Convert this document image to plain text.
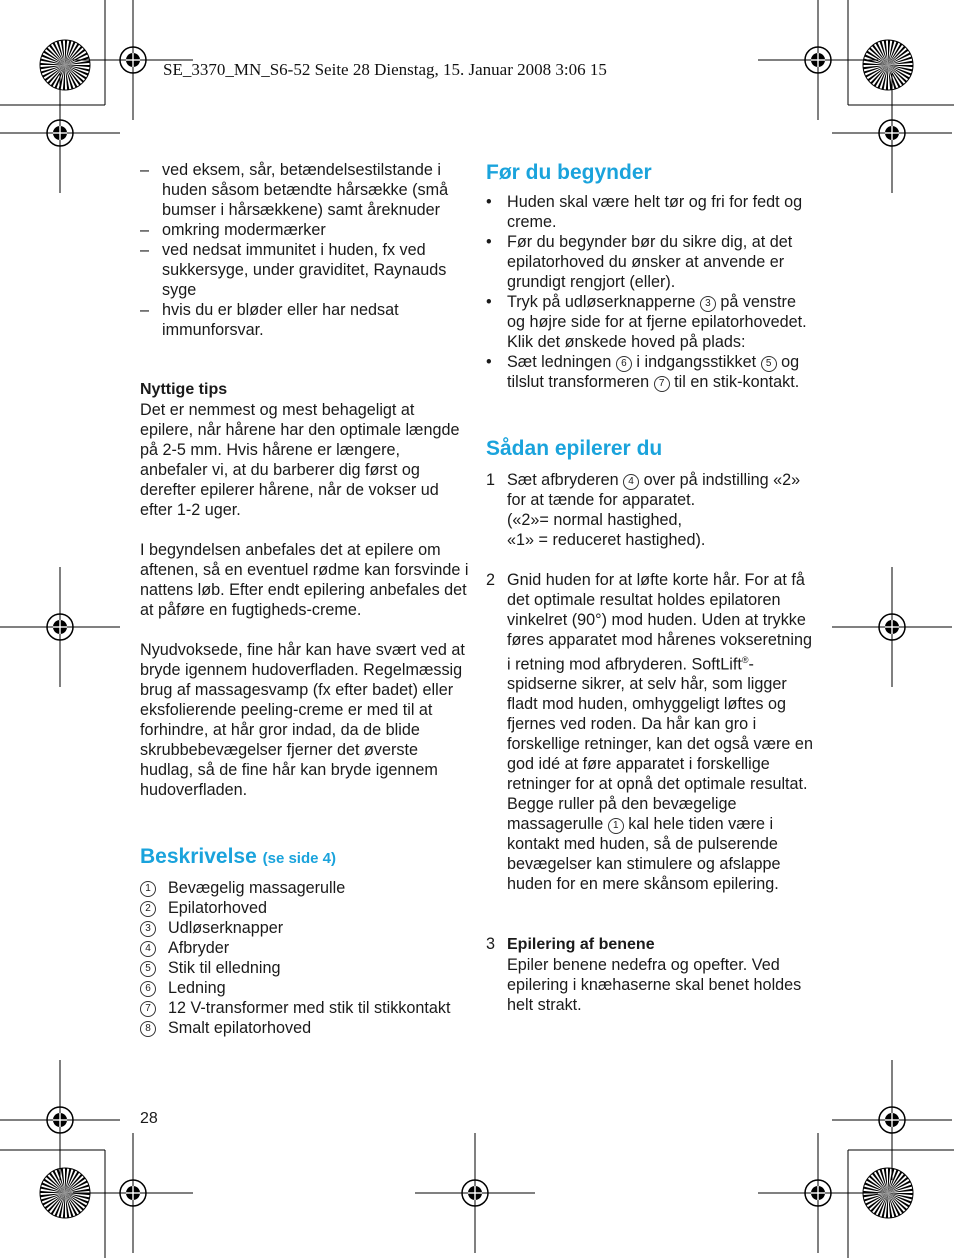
SE_3370_MN_S6-52 Seite 28 Dienstag, 15. Januar 2008 3:06 15
– ved eksem, sår, betændelsestilstande i huden såsom betændte hårsække (små bumser i hårsækkene) samt åreknuder
– omkring modermærker
– ved nedsat immunitet i huden, fx ved sukkersyge, under graviditet, Raynauds syge
– hvis du er bløder eller har nedsat immunforsvar.

Nyttige tips

Det er nemmest og mest behageligt at epilere, når hårene har den optimale længde på 2-5 mm. Hvis hårene er længere, anbefaler vi, at du barberer dig først og derefter epilerer hårene, når de vokser ud efter 1-2 uger.

I begyndelsen anbefales det at epilere om aftenen, så en eventuel rødme kan forsvinde i nattens løb. Efter endt epilering anbefales det at påføre en fugtigheds-creme.

Nyudvoksede, fine hår kan have svært ved at bryde igennem hudoverfladen. Regelmæssig brug af massagesvamp (fx efter badet) eller eksfolierende peeling-creme er med til at forhindre, at hår gror indad, da de blide skrubbebevægelser fjerner det øverste hudlag, så de fine hår kan bryde igennem hudoverfladen.

Beskrivelse (se side 4)
1	Bevægelig massagerulle
2	Epilatorhoved
3	Udløserknapper
4	Afbryder
5	Stik til elledning
6	Ledning
7	12 V-transformer med stik til stikkontakt
8	Smalt epilatorhoved
Før du begynder
• Huden skal være helt tør og fri for fedt og creme.
• Før du begynder bør du sikre dig, at det epilatorhoved du ønsker at anvende er grundigt rengjort (eller).
• Tryk på udløserknapperne 3 på venstre og højre side for at fjerne epilatorhovedet. Klik det ønskede hoved på plads:
• Sæt ledningen 6 i indgangsstikket 5 og tilslut transformeren 7 til en stik-kontakt.
Sådan epilerer du
1 Sæt afbryderen 4 over på indstilling «2» for at tænde for apparatet.
(«2»= normal hastighed,
«1» = reduceret hastighed).
2 Gnid huden for at løfte korte hår. For at få det optimale resultat holdes epilatoren vinkelret (90°) mod huden. Uden at trykke føres apparatet mod hårenes vokseretning i retning mod afbryderen. SoftLift®-spidserne sikrer, at selv hår, som ligger fladt mod huden, omhyggeligt løftes og fjernes ved roden. Da hår kan gro i forskellige retninger, kan det også være en god idé at føre apparatet i forskellige retninger for at opnå det optimale resultat. Begge ruller på den bevægelige massagerulle 1 kal hele tiden være i kontakt med huden, så de pulserende bevægelser kan stimulere og afslappe huden for en mere skånsom epilering.
3 Epilering af benene
Epiler benene nedefra og opefter. Ved epilering i knæhaserne skal benet holdes helt strakt.
28
